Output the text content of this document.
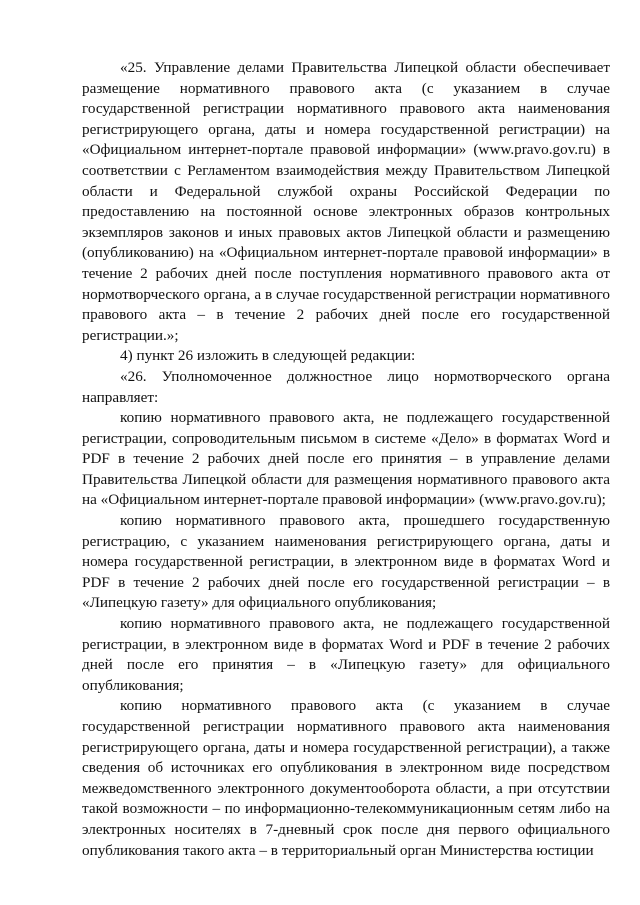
«25. Управление делами Правительства Липецкой области обеспечивает размещение нормативного правового акта (с указанием в случае государственной регистрации нормативного правового акта наименования регистрирующего органа, даты и номера государственной регистрации) на «Официальном интернет-портале правовой информации» (www.pravo.gov.ru) в соответствии с Регламентом взаимодействия между Правительством Липецкой области и Федеральной службой охраны Российской Федерации по предоставлению на постоянной основе электронных образов контрольных экземпляров законов и иных правовых актов Липецкой области и размещению (опубликованию) на «Официальном интернет-портале правовой информации» в течение 2 рабочих дней после поступления нормативного правового акта от нормотворческого органа, а в случае государственной регистрации нормативного правового акта – в течение 2 рабочих дней после его государственной регистрации.»;

4) пункт 26 изложить в следующей редакции:

«26. Уполномоченное должностное лицо нормотворческого органа направляет:

копию нормативного правового акта, не подлежащего государственной регистрации, сопроводительным письмом в системе «Дело» в форматах Word и PDF в течение 2 рабочих дней после его принятия – в управление делами Правительства Липецкой области для размещения нормативного правового акта на «Официальном интернет-портале правовой информации» (www.pravo.gov.ru);

копию нормативного правового акта, прошедшего государственную регистрацию, с указанием наименования регистрирующего органа, даты и номера государственной регистрации, в электронном виде в форматах Word и PDF в течение 2 рабочих дней после его государственной регистрации – в «Липецкую газету» для официального опубликования;

копию нормативного правового акта, не подлежащего государственной регистрации, в электронном виде в форматах Word и PDF в течение 2 рабочих дней после его принятия – в «Липецкую газету» для официального опубликования;

копию нормативного правового акта (с указанием в случае государственной регистрации нормативного правового акта наименования регистрирующего органа, даты и номера государственной регистрации), а также сведения об источниках его опубликования в электронном виде посредством межведомственного электронного документооборота области, а при отсутствии такой возможности – по информационно-телекоммуникационным сетям либо на электронных носителях в 7-дневный срок после дня первого официального опубликования такого акта – в территориальный орган Министерства юстиции
